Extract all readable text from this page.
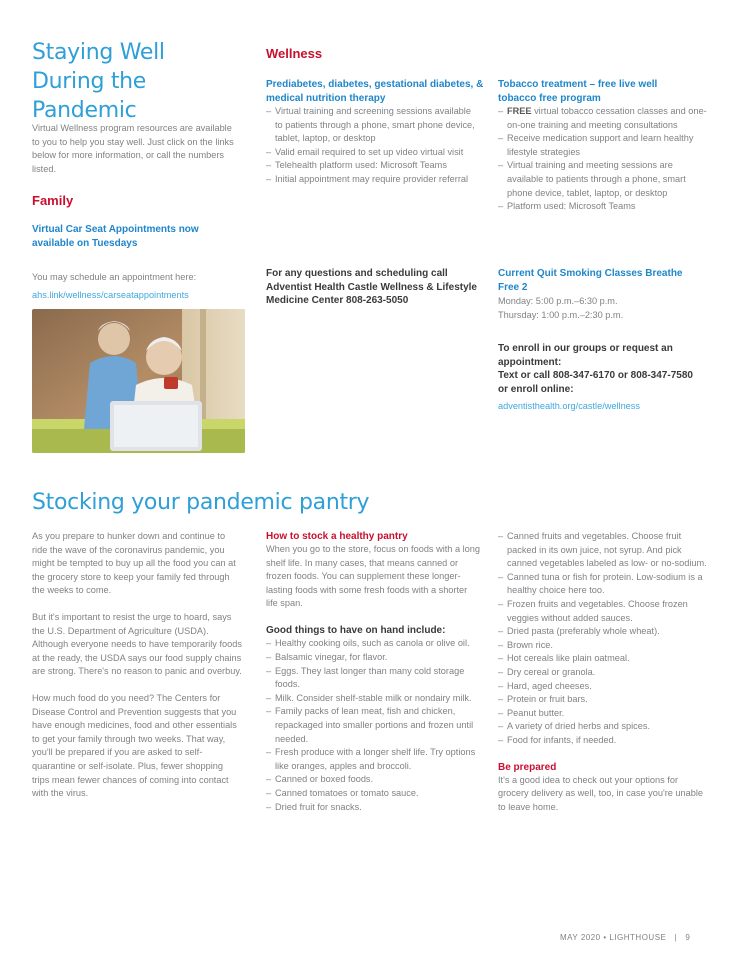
Staying Well During the Pandemic

Virtual Wellness program resources are available to you to help you stay well. Just click on the links below for more information, or call the numbers listed.

Family

Virtual Car Seat Appointments now available on Tuesdays

You may schedule an appointment here:
ahs.link/wellness/carseatappointments
Wellness

Prediabetes, diabetes, gestational diabetes, & medical nutrition therapy

– Virtual training and screening sessions available to patients through a phone, smart phone device, tablet, laptop, or desktop
– Valid email required to set up video virtual visit
– Telehealth platform used: Microsoft Teams
– Initial appointment may require provider referral

For any questions and scheduling call Adventist Health Castle Wellness & Lifestyle Medicine Center 808-263-5050

Tobacco treatment – free live well tobacco free program

– FREE virtual tobacco cessation classes and one-on-one training and meeting consultations
– Receive medication support and learn healthy lifestyle strategies
– Virtual training and meeting sessions are available to patients through a phone, smart phone device, tablet, laptop, or desktop
– Platform used: Microsoft Teams

Current Quit Smoking Classes Breathe Free 2

Monday: 5:00 p.m.–6:30 p.m.
Thursday: 1:00 p.m.–2:30 p.m.

To enroll in our groups or request an appointment:

Text or call 808-347-6170 or 808-347-7580 or enroll online:

adventisthealth.org/castle/wellness
Stocking your pandemic pantry

As you prepare to hunker down and continue to ride the wave of the coronavirus pandemic, you might be tempted to buy up all the food you can at the grocery store to keep your family fed through the weeks to come.

But it's important to resist the urge to hoard, says the U.S. Department of Agriculture (USDA). Although everyone needs to have temporarily foods at the ready, the USDA says our food supply chains are strong. There's no reason to panic and overbuy.

How much food do you need? The Centers for Disease Control and Prevention suggests that you have enough medicines, food and other essentials to get your family through two weeks. That way, you'll be prepared if you are asked to self-quarantine or self-isolate. Plus, fewer shopping trips mean fewer chances of coming into contact with the virus.

How to stock a healthy pantry

When you go to the store, focus on foods with a long shelf life. In many cases, that means canned or frozen foods. You can supplement these longer-lasting foods with some fresh foods with a shorter life span.

Good things to have on hand include:

– Healthy cooking oils, such as canola or olive oil.
– Balsamic vinegar, for flavor.
– Eggs. They last longer than many cold storage foods.
– Milk. Consider shelf-stable milk or nondairy milk.
– Family packs of lean meat, fish and chicken, repackaged into smaller portions and frozen until needed.
– Fresh produce with a longer shelf life. Try options like oranges, apples and broccoli.
– Canned or boxed foods.
– Canned tomatoes or tomato sauce.
– Dried fruit for snacks.
– Canned fruits and vegetables. Choose fruit packed in its own juice, not syrup. And pick canned vegetables labeled as low- or no-sodium.
– Canned tuna or fish for protein. Low-sodium is a healthy choice here too.
– Frozen fruits and vegetables. Choose frozen veggies without added sauces.
– Dried pasta (preferably whole wheat).
– Brown rice.
– Hot cereals like plain oatmeal.
– Dry cereal or granola.
– Hard, aged cheeses.
– Protein or fruit bars.
– Peanut butter.
– A variety of dried herbs and spices.
– Food for infants, if needed.

Be prepared

It's a good idea to check out your options for grocery delivery as well, too, in case you're unable to leave home.

MAY 2020 • LIGHTHOUSE   |   9
